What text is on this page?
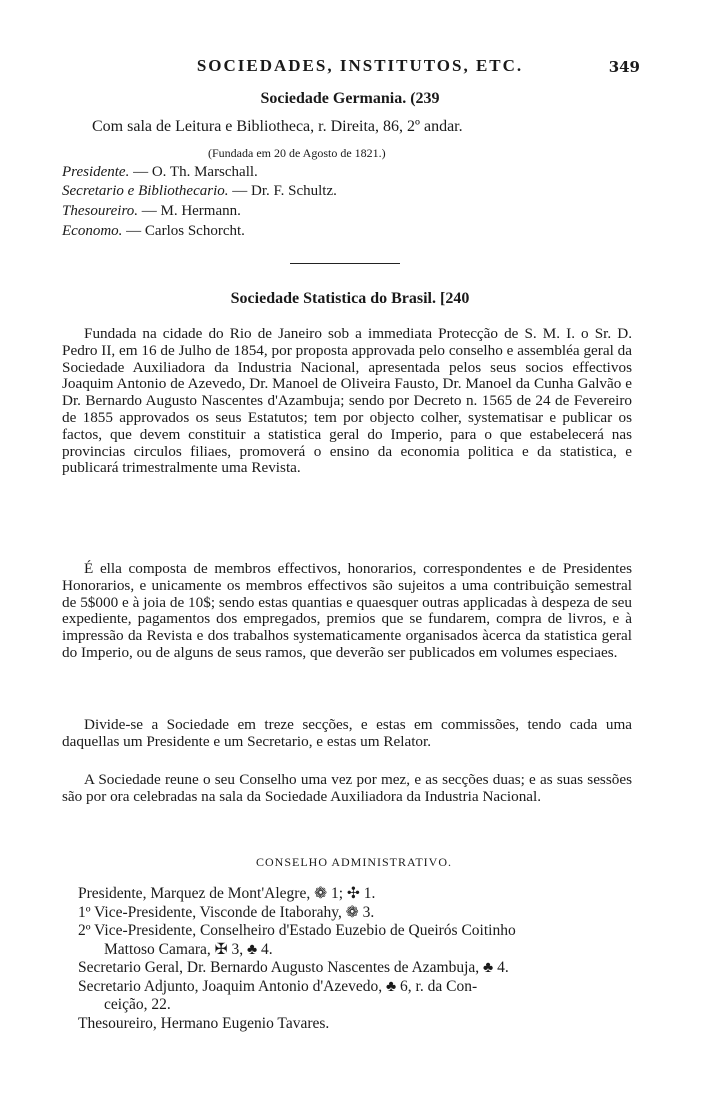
SOCIEDADES, INSTITUTOS, ETC.	349
Sociedade Germania. (239
Com sala de Leitura e Bibliotheca, r. Direita, 86, 2º andar.
(Fundada em 20 de Agosto de 1821.)
Presidente. — O. Th. Marschall.
Secretario e Bibliothecario. — Dr. F. Schultz.
Thesoureiro. — M. Hermann.
Economo. — Carlos Schorcht.
Sociedade Statistica do Brasil. [240
Fundada na cidade do Rio de Janeiro sob a immediata Protecção de S. M. I. o Sr. D. Pedro II, em 16 de Julho de 1854, por proposta approvada pelo conselho e assembléa geral da Sociedade Auxiliadora da Industria Nacional, apresentada pelos seus socios effectivos Joaquim Antonio de Azevedo, Dr. Manoel de Oliveira Fausto, Dr. Manoel da Cunha Galvão e Dr. Bernardo Augusto Nascentes d'Azambuja; sendo por Decreto n. 1565 de 24 de Fevereiro de 1855 approvados os seus Estatutos; tem por objecto colher, systematisar e publicar os factos, que devem constituir a statistica geral do Imperio, para o que estabelecerá nas provincias circulos filiaes, promoverá o ensino da economia politica e da statistica, e publicará trimestralmente uma Revista.
É ella composta de membros effectivos, honorarios, correspondentes e de Presidentes Honorarios, e unicamente os membros effectivos são sujeitos a uma contribuição semestral de 5$000 e à joia de 10$; sendo estas quantias e quaesquer outras applicadas à despeza de seu expediente, pagamentos dos empregados, premios que se fundarem, compra de livros, e à impressão da Revista e dos trabalhos systematicamente organisados àcerca da statistica geral do Imperio, ou de alguns de seus ramos, que deverão ser publicados em volumes especiaes.
Divide-se a Sociedade em treze secções, e estas em commissões, tendo cada uma daquellas um Presidente e um Secretario, e estas um Relator.
A Sociedade reune o seu Conselho uma vez por mez, e as secções duas; e as suas sessões são por ora celebradas na sala da Sociedade Auxiliadora da Industria Nacional.
CONSELHO ADMINISTRATIVO.
Presidente, Marquez de Mont'Alegre, ❁ 1; ✣ 1.
1º Vice-Presidente, Visconde de Itaborahy, ❁ 3.
2º Vice-Presidente, Conselheiro d'Estado Euzebio de Queirós Coitinho
Mattoso Camara, ✠ 3, ♣ 4.
Secretario Geral, Dr. Bernardo Augusto Nascentes de Azambuja, ♣ 4.
Secretario Adjunto, Joaquim Antonio d'Azevedo, ♣ 6, r. da Con-
ceição, 22.
Thesoureiro, Hermano Eugenio Tavares.
